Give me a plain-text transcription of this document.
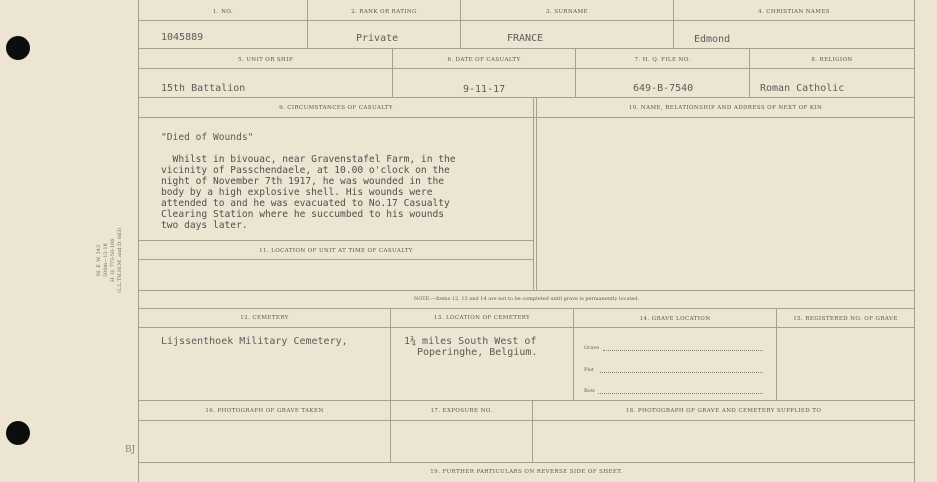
M. F. W. 243 500m—12-18 H. Q. 773-50-106 (L.L.TH.M.M. and D. 663)
BJ
1. NO.	2. RANK OR RATING	3. SURNAME	4. CHRISTIAN NAMES
1045889	Private	FRANCE	Edmond
5. UNIT OR SHIP	6. DATE OF CASUALTY	7. H. Q. FILE NO.	8. RELIGION
15th Battalion	9-11-17	649-B-7540	Roman Catholic
9. CIRCUMSTANCES OF CASUALTY	10. NAME, RELATIONSHIP AND ADDRESS OF NEXT OF KIN
"Died of Wounds"
Whilst in bivouac, near Gravenstafel Farm, in the
vicinity of Passchendaele, at 10.00 o'clock on the
night of November 7th 1917, he was wounded in the
body by a high explosive shell. His wounds were
attended to and he was evacuated to No.17 Casualty
Clearing Station where he succumbed to his wounds
two days later.
11. LOCATION OF UNIT AT TIME OF CASUALTY
NOTE:—Items 12, 13 and 14 are not to be completed until grave is permanently located.
12. CEMETERY	13. LOCATION OF CEMETERY	14. GRAVE LOCATION	15. REGISTERED NO. OF GRAVE
Lijssenthoek Military Cemetery,	1¾ miles South West of
Poperinghe, Belgium.	Grave
Plot
Row
16. PHOTOGRAPH OF GRAVE TAKEN	17. EXPOSURE NO.	18. PHOTOGRAPH OF GRAVE AND CEMETERY SUPPLIED TO
19. FURTHER PARTICULARS ON REVERSE SIDE OF SHEET.
